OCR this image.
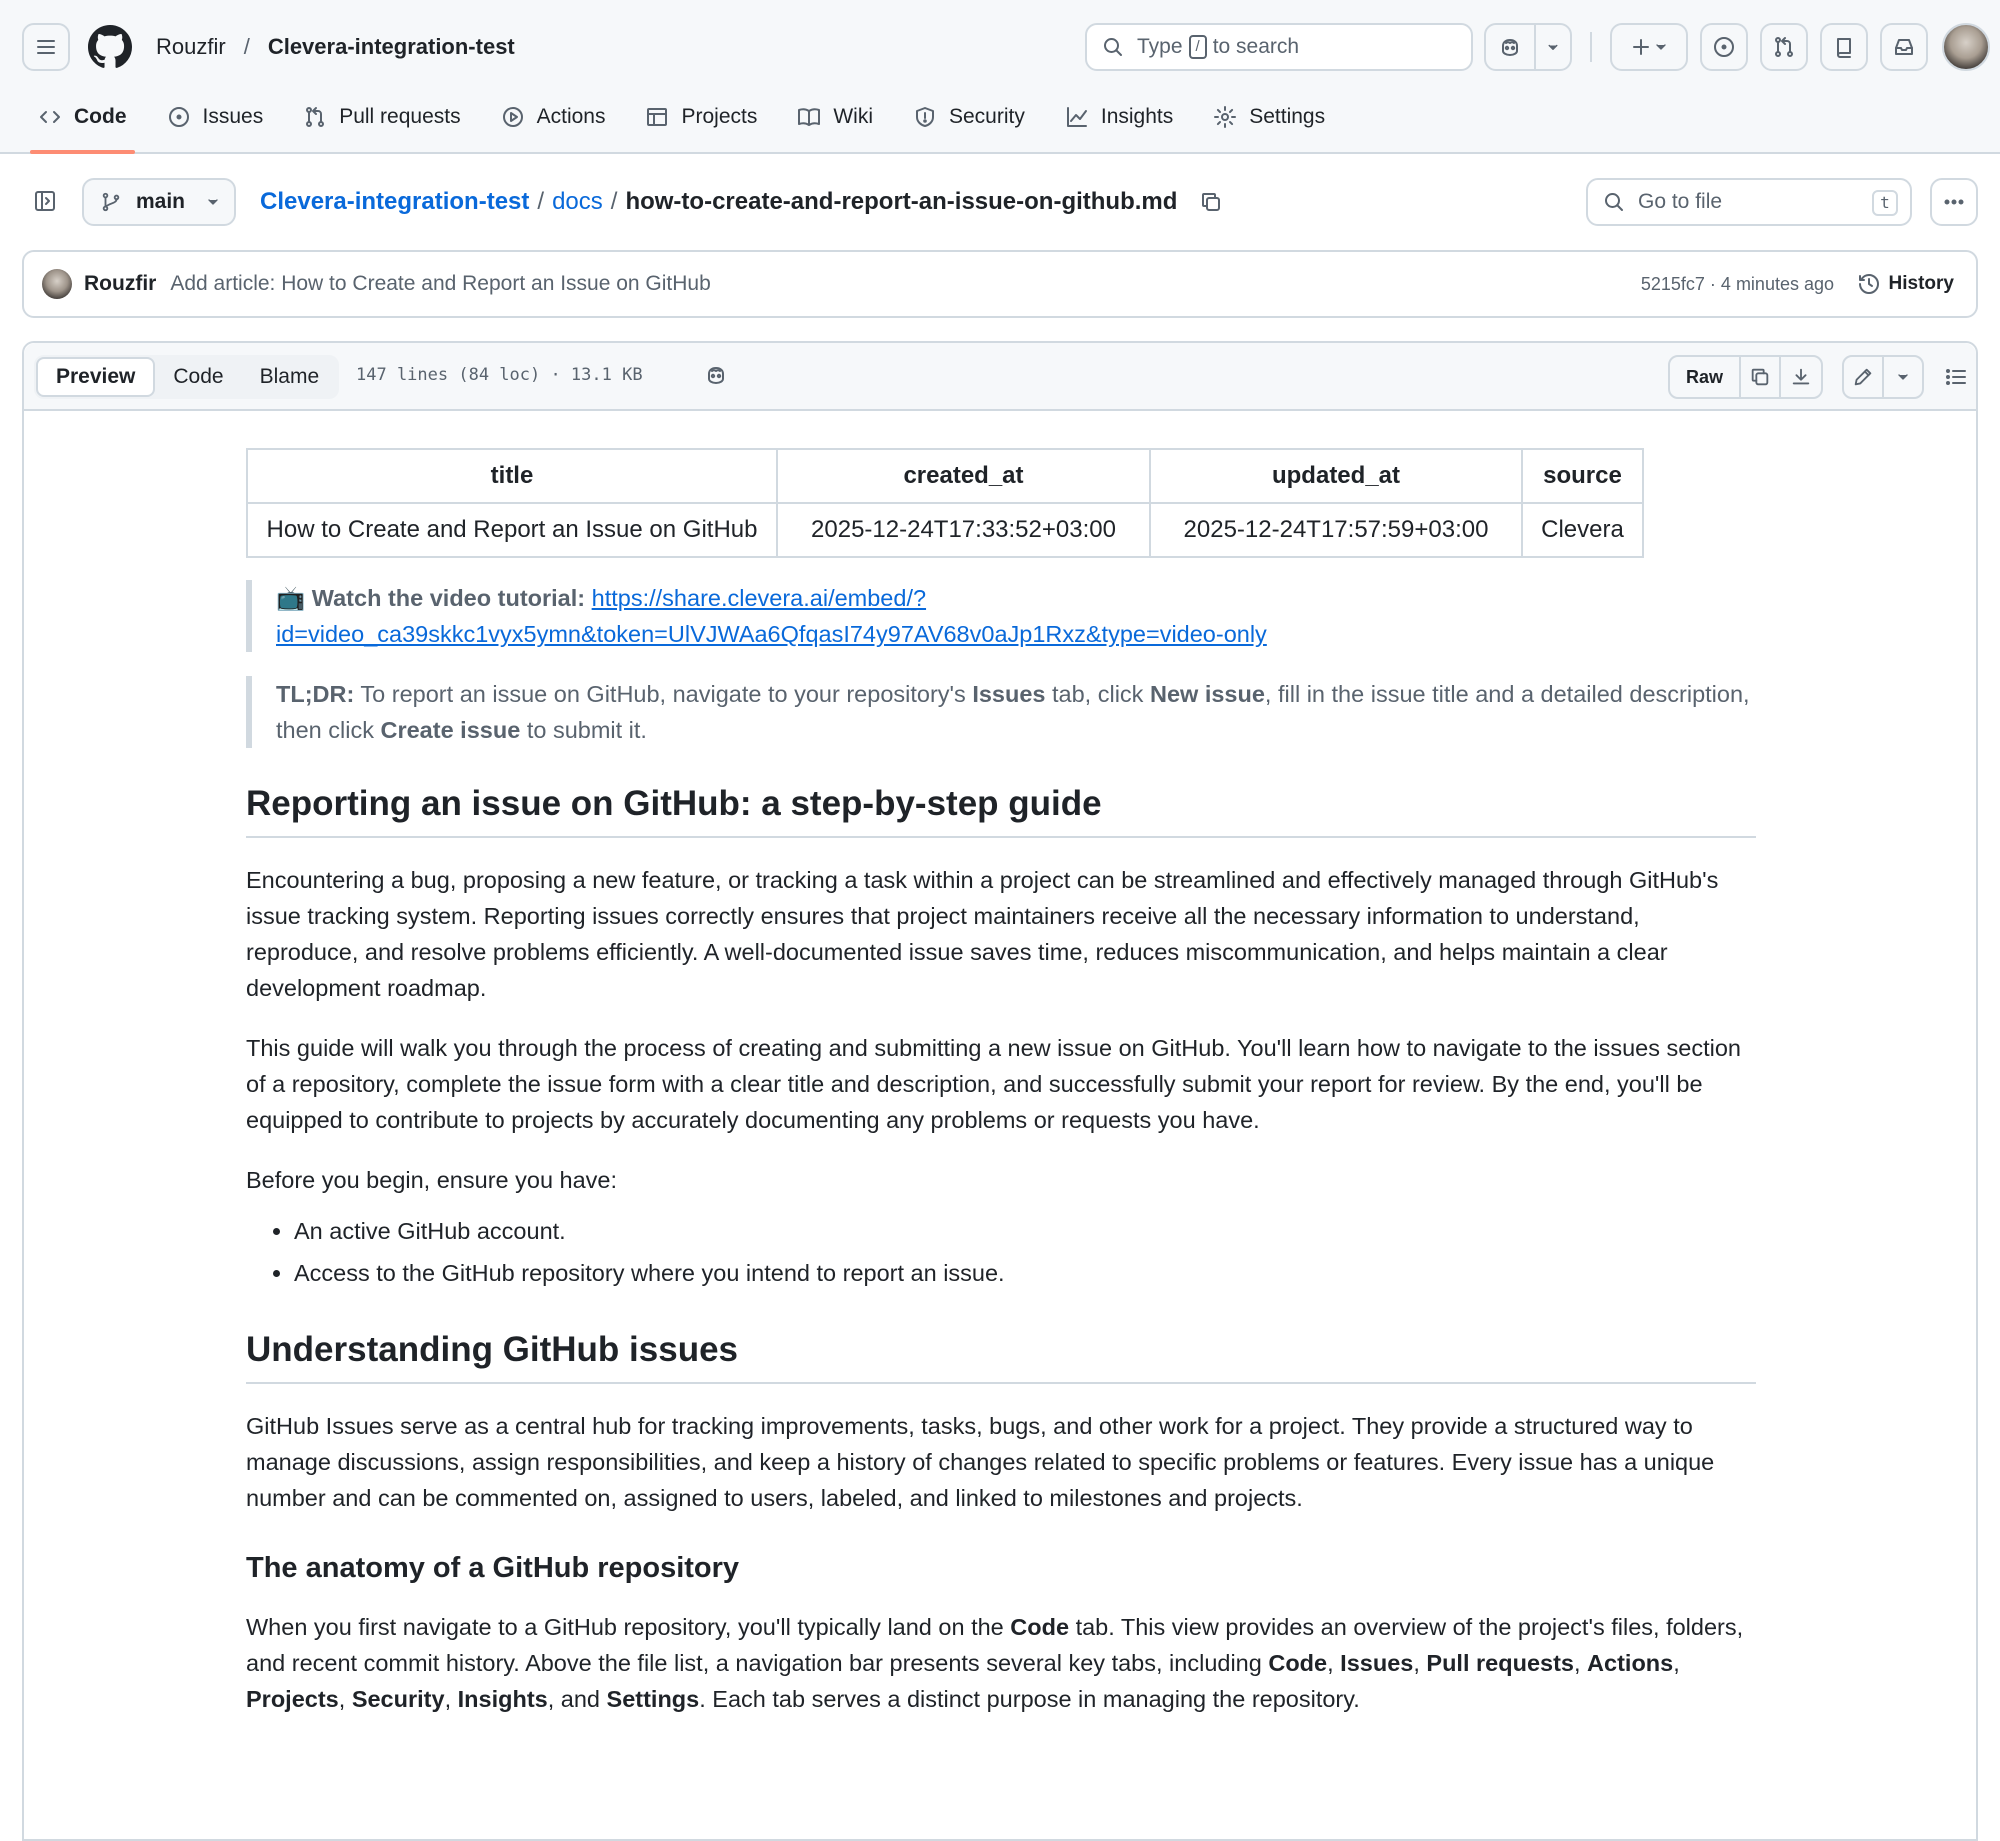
Rouzfir / Clevera-integration-test	Type / to search
Code	Issues	Pull requests	Actions	Projects	Wiki	Security	Insights	Settings
main	Clevera-integration-test / docs / how-to-create-and-report-an-issue-on-github.md	Go to file	t
Rouzfir Add article: How to Create and Report an Issue on GitHub	5215fc7 · 4 minutes ago	History
Preview	Code	Blame	147 lines (84 loc) · 13.1 KB	Raw
title	created_at	updated_at	source
How to Create and Report an Issue on GitHub	2025-12-24T17:33:52+03:00	2025-12-24T17:57:59+03:00	Clevera
📺 Watch the video tutorial: https://share.clevera.ai/embed/?
id=video_ca39skkc1vyx5ymn&token=UlVJWAa6QfqasI74y97AV68v0aJp1Rxz&type=video-only
TL;DR: To report an issue on GitHub, navigate to your repository's Issues tab, click New issue, fill in the issue title and a detailed description, then click Create issue to submit it.
Reporting an issue on GitHub: a step-by-step guide

Encountering a bug, proposing a new feature, or tracking a task within a project can be streamlined and effectively managed through GitHub's issue tracking system. Reporting issues correctly ensures that project maintainers receive all the necessary information to understand, reproduce, and resolve problems efficiently. A well-documented issue saves time, reduces miscommunication, and helps maintain a clear development roadmap.

This guide will walk you through the process of creating and submitting a new issue on GitHub. You'll learn how to navigate to the issues section of a repository, complete the issue form with a clear title and description, and successfully submit your report for review. By the end, you'll be equipped to contribute to projects by accurately documenting any problems or requests you have.

Before you begin, ensure you have:

• An active GitHub account.
• Access to the GitHub repository where you intend to report an issue.
Understanding GitHub issues

GitHub Issues serve as a central hub for tracking improvements, tasks, bugs, and other work for a project. They provide a structured way to manage discussions, assign responsibilities, and keep a history of changes related to specific problems or features. Every issue has a unique number and can be commented on, assigned to users, labeled, and linked to milestones and projects.

The anatomy of a GitHub repository

When you first navigate to a GitHub repository, you'll typically land on the Code tab. This view provides an overview of the project's files, folders, and recent commit history. Above the file list, a navigation bar presents several key tabs, including Code, Issues, Pull requests, Actions, Projects, Security, Insights, and Settings. Each tab serves a distinct purpose in managing the repository.
